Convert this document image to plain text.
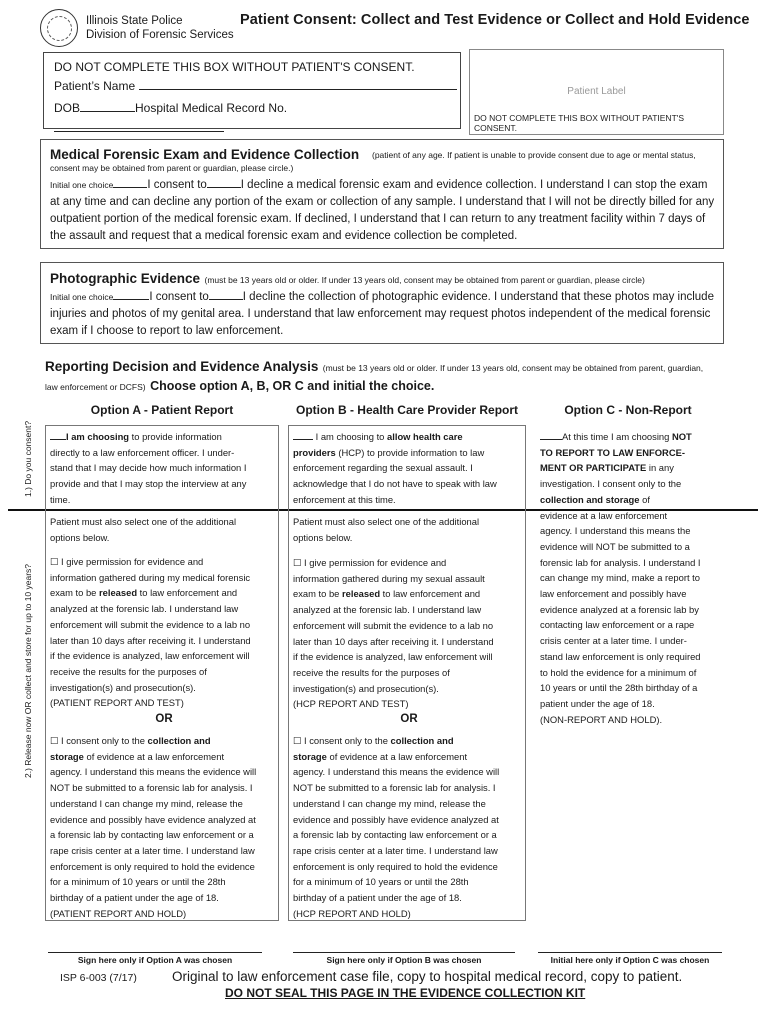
Illinois State Police
Division of Forensic Services
Patient Consent: Collect and Test Evidence or Collect and Hold Evidence
DO NOT COMPLETE THIS BOX WITHOUT PATIENT'S CONSENT.
Patient’s Name
DOB	Hospital Medical Record No.
Patient Label
DO NOT COMPLETE THIS BOX WITHOUT PATIENT'S CONSENT.
Medical Forensic Exam and Evidence Collection	(patient of any age. If patient is unable to provide consent due to age or mental status, consent may be obtained from parent or guardian, please circle.)
Initial one choice	I consent to	I decline a medical forensic exam and evidence collection. I understand I can stop the exam
at any time and can decline any portion of the exam or collection of any sample. I understand that I will not be directly billed for any
outpatient portion of the medical forensic exam. If declined, I understand that I can return to any treatment facility within 7 days of
the assault and request that a medical forensic exam and evidence collection be completed.
Photographic Evidence (must be 13 years old or older. If under 13 years old, consent may be obtained from parent or guardian, please circle)
Initial one choice	I consent to	I decline the collection of photographic evidence. I understand that these photos may include
injuries and photos of my genital area. I understand that law enforcement may request photos independent of the medical forensic
exam if I choose to report to law enforcement.
Reporting Decision and Evidence Analysis (must be 13 years old or older. If under 13 years old, consent may be obtained from parent, guardian,
law enforcement or DCFS) Choose option A, B, OR C and initial the choice.
Option A - Patient Report	Option B - Health Care Provider Report	Option C - Non-Report
1.) Do you consent?
2.) Release now OR collect and store for up to 10 years?
I am choosing to provide information
directly to a law enforcement officer. I under-
stand that I may decide how much information I
provide and that I may stop the interview at any
time.
Patient must also select one of the additional
options below.
☐ I give permission for evidence and
information gathered during my medical forensic
exam to be released to law enforcement and
analyzed at the forensic lab. I understand law
enforcement will submit the evidence to a lab no
later than 10 days after receiving it. I understand
if the evidence is analyzed, law enforcement will
receive the results for the purposes of
investigation(s) and prosecution(s).
(PATIENT REPORT AND TEST)
OR
☐ I consent only to the collection and
storage of evidence at a law enforcement
agency. I understand this means the evidence will
NOT be submitted to a forensic lab for analysis. I
understand I can change my mind, release the
evidence and possibly have evidence analyzed at
a forensic lab by contacting law enforcement or a
rape crisis center at a later time. I understand law
enforcement is only required to hold the evidence
for a minimum of 10 years or until the 28th
birthday of a patient under the age of 18.
(PATIENT REPORT AND HOLD)
I am choosing to allow health care
providers (HCP) to provide information to law
enforcement regarding the sexual assault. I
acknowledge that I do not have to speak with law
enforcement at this time.
Patient must also select one of the additional
options below.
☐ I give permission for evidence and
information gathered during my sexual assault
exam to be released to law enforcement and
analyzed at the forensic lab. I understand law
enforcement will submit the evidence to a lab no
later than 10 days after receiving it. I understand
if the evidence is analyzed, law enforcement will
receive the results for the purposes of
investigation(s) and prosecution(s).
(HCP REPORT AND TEST)
OR
☐ I consent only to the collection and
storage of evidence at a law enforcement
agency. I understand this means the evidence will
NOT be submitted to a forensic lab for analysis. I
understand I can change my mind, release the
evidence and possibly have evidence analyzed at
a forensic lab by contacting law enforcement or a
rape crisis center at a later time. I understand law
enforcement is only required to hold the evidence
for a minimum of 10 years or until the 28th
birthday of a patient under the age of 18.
(HCP REPORT AND HOLD)
At this time I am choosing NOT
TO REPORT TO LAW ENFORCE-
MENT OR PARTICIPATE in any
investigation. I consent only to the
collection and storage of
evidence at a law enforcement
agency. I understand this means the
evidence will NOT be submitted to a
forensic lab for analysis. I understand I
can change my mind, make a report to
law enforcement and possibly have
evidence analyzed at a forensic lab by
contacting law enforcement or a rape
crisis center at a later time. I under-
stand law enforcement is only required
to hold the evidence for a minimum of
10 years or until the 28th birthday of a
patient under the age of 18.
(NON-REPORT AND HOLD).
Sign here only if Option A was chosen	Sign here only if Option B was chosen	Initial here only if Option C was chosen
ISP 6-003 (7/17)	Original to law enforcement case file, copy to hospital medical record, copy to patient.
DO NOT SEAL THIS PAGE IN THE EVIDENCE COLLECTION KIT
